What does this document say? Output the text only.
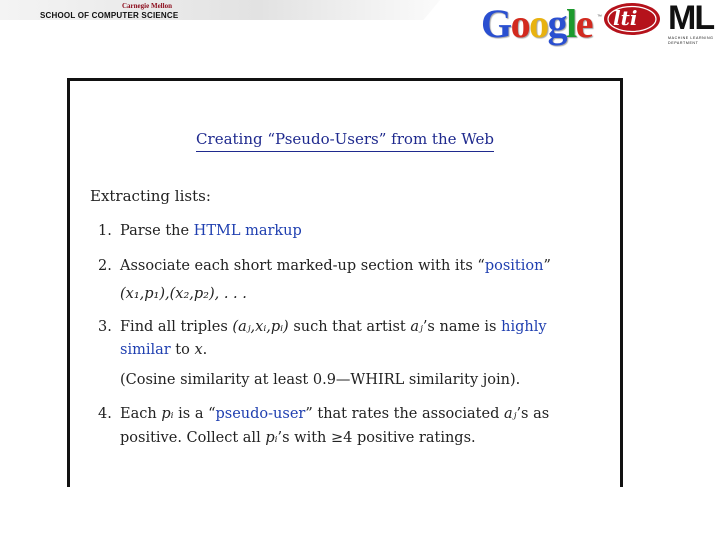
Carnegie Mellon
SCHOOL OF COMPUTER SCIENCE	Google ™ lti ML
MACHINE LEARNING DEPARTMENT
Creating “Pseudo-Users” from the Web
Extracting lists:
1. Parse the HTML markup
2. Associate each short marked-up section with its “position”
(x₁,p₁),(x₂,p₂), . . .
3. Find all triples (aⱼ,xᵢ,pᵢ) such that artist aⱼ’s name is highly
similar to x.
(Cosine similarity at least 0.9—WHIRL similarity join).
4. Each pᵢ is a “pseudo-user” that rates the associated aⱼ’s as
positive. Collect all pᵢ’s with ≥4 positive ratings.
